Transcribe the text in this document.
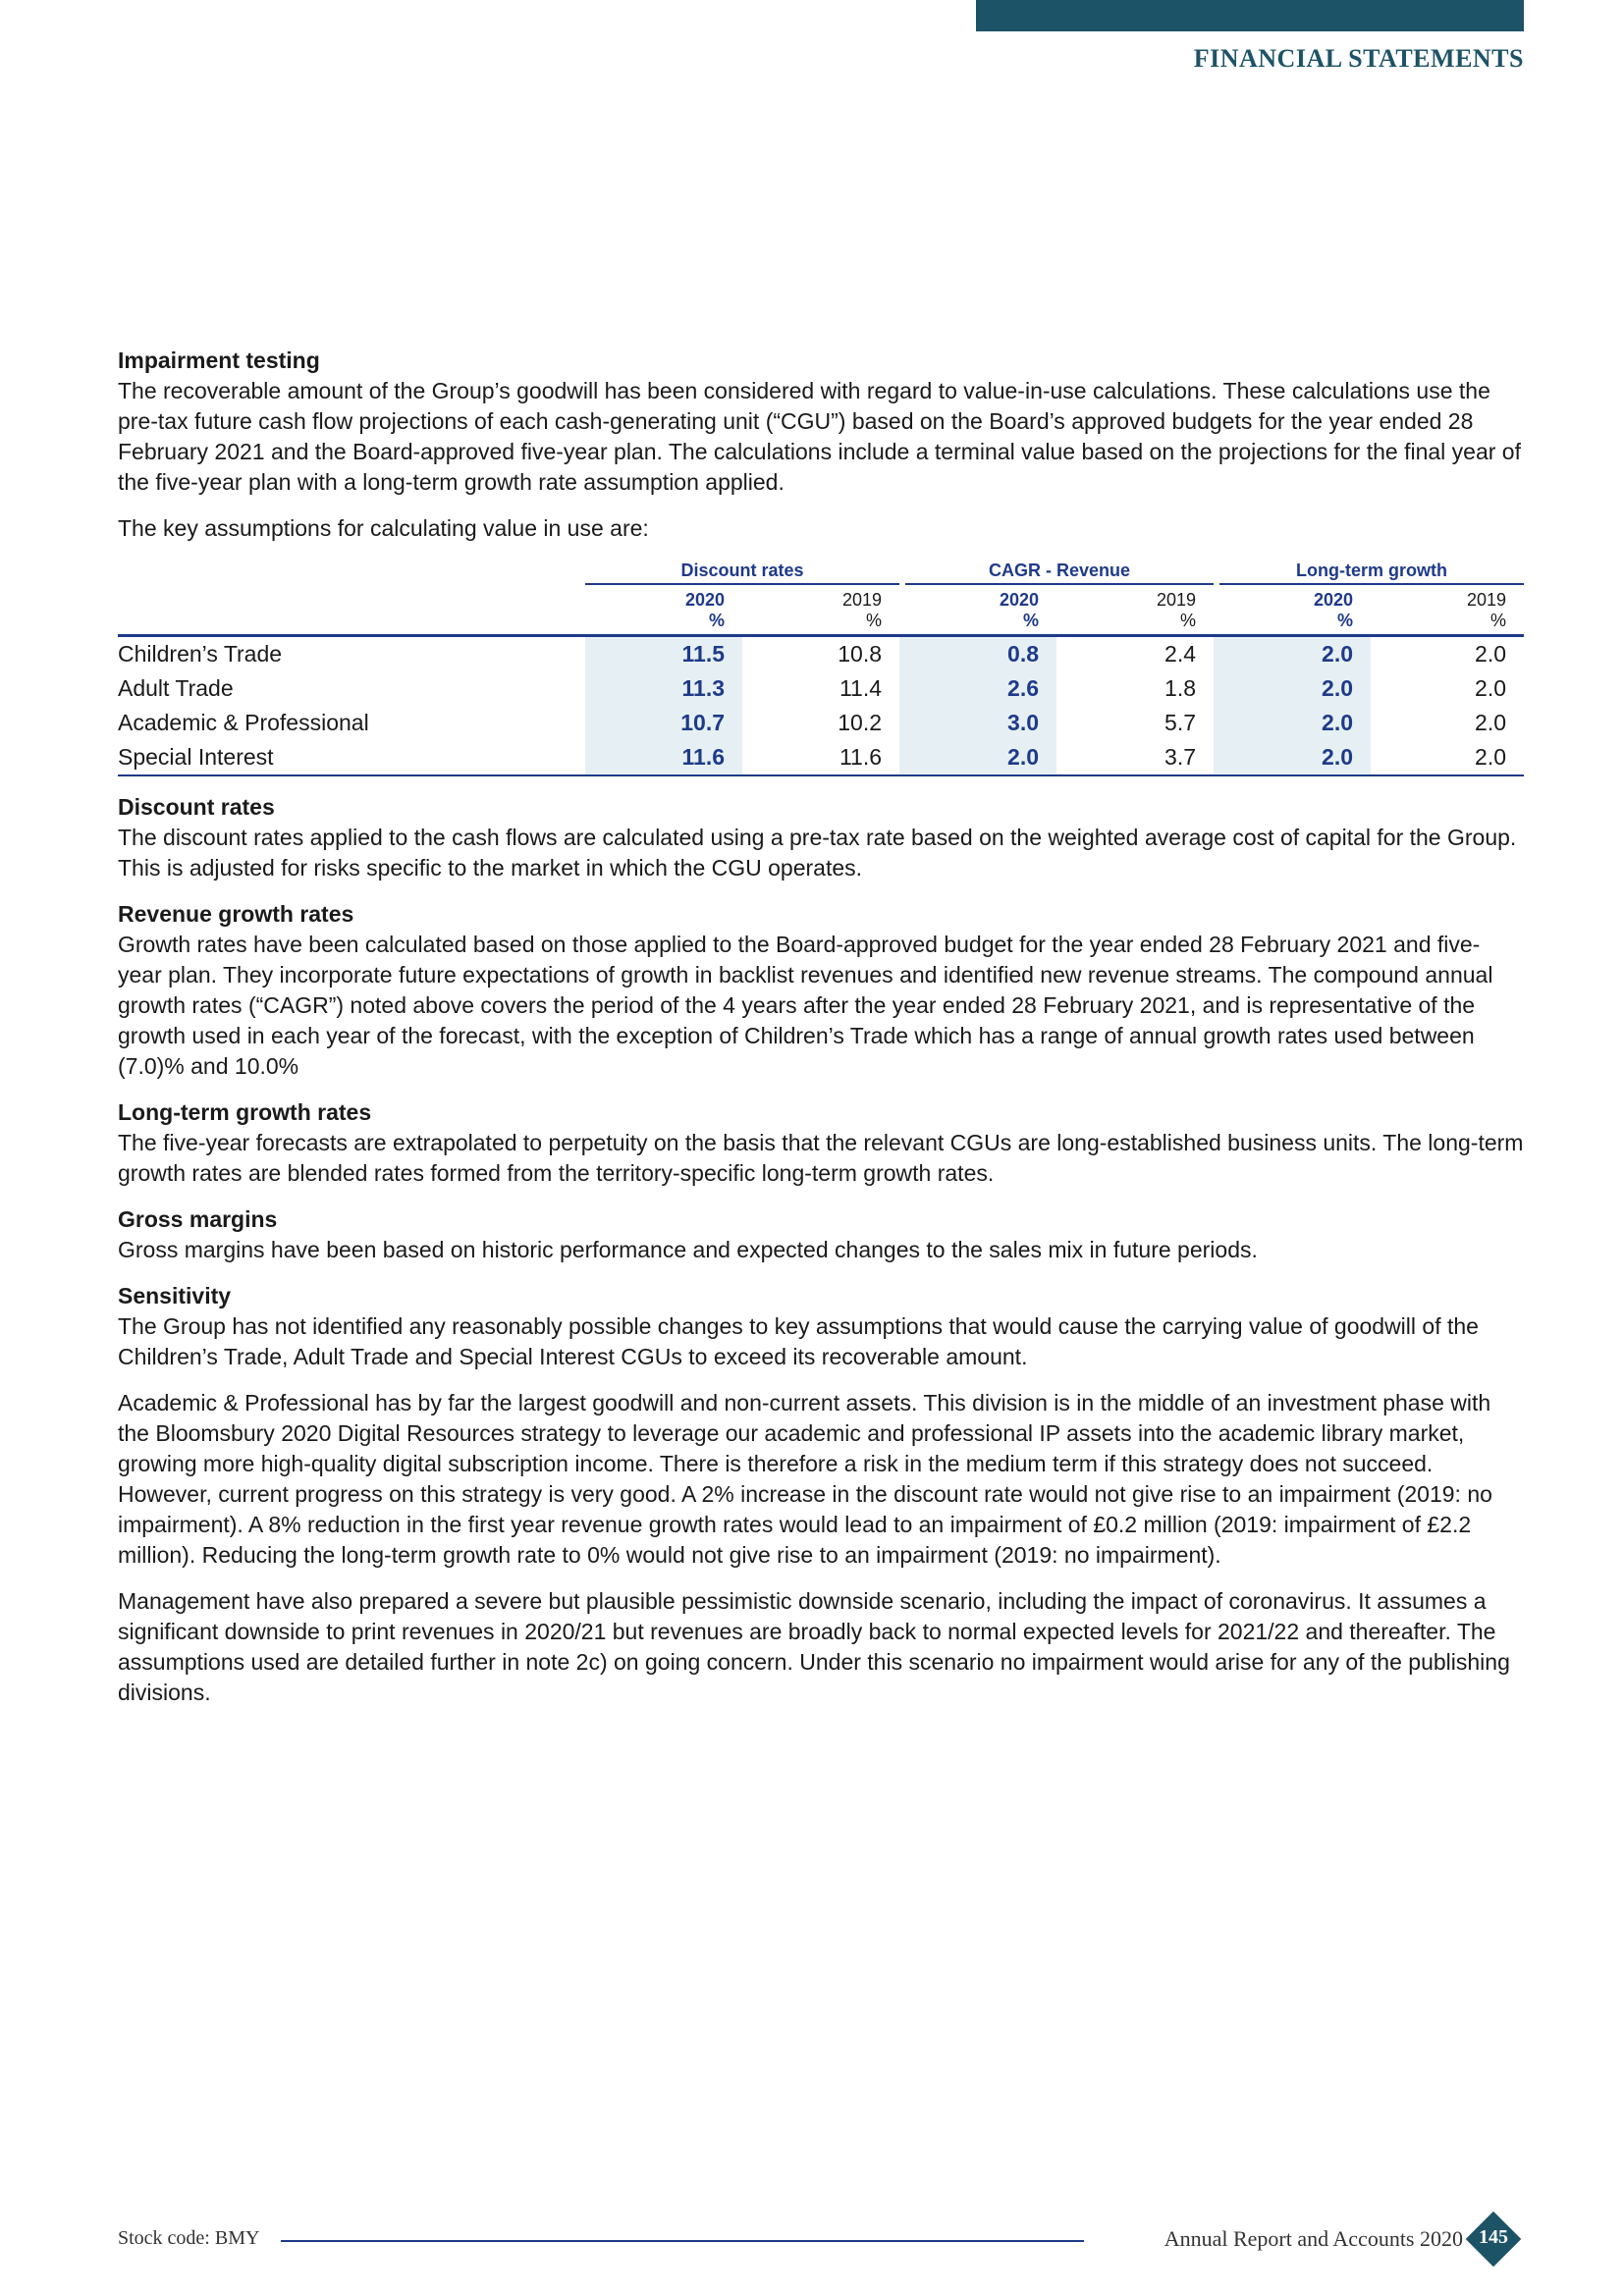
FINANCIAL STATEMENTS
Impairment testing

The recoverable amount of the Group’s goodwill has been considered with regard to value-in-use calculations. These calculations use the pre-tax future cash flow projections of each cash-generating unit (“CGU”) based on the Board’s approved budgets for the year ended 28 February 2021 and the Board-approved five-year plan. The calculations include a terminal value based on the projections for the final year of the five-year plan with a long-term growth rate assumption applied.

The key assumptions for calculating value in use are:

	Discount rates		CAGR - Revenue		Long-term growth	

	2020	2019	2020	2019	2020	2019
	%	%	%	%	%	%
Children’s Trade	11.5	10.8	0.8	2.4	2.0	2.0
Adult Trade	11.3	11.4	2.6	1.8	2.0	2.0
Academic & Professional	10.7	10.2	3.0	5.7	2.0	2.0
Special Interest	11.6	11.6	2.0	3.7	2.0	2.0
Discount rates

The discount rates applied to the cash flows are calculated using a pre-tax rate based on the weighted average cost of capital for the Group. This is adjusted for risks specific to the market in which the CGU operates.

Revenue growth rates

Growth rates have been calculated based on those applied to the Board-approved budget for the year ended 28 February 2021 and five-year plan. They incorporate future expectations of growth in backlist revenues and identified new revenue streams. The compound annual growth rates (“CAGR”) noted above covers the period of the 4 years after the year ended 28 February 2021, and is representative of the growth used in each year of the forecast, with the exception of Children’s Trade which has a range of annual growth rates used between (7.0)% and 10.0%

Long-term growth rates

The five-year forecasts are extrapolated to perpetuity on the basis that the relevant CGUs are long-established business units. The long-term growth rates are blended rates formed from the territory-specific long-term growth rates.

Gross margins

Gross margins have been based on historic performance and expected changes to the sales mix in future periods.

Sensitivity

The Group has not identified any reasonably possible changes to key assumptions that would cause the carrying value of goodwill of the Children’s Trade, Adult Trade and Special Interest CGUs to exceed its recoverable amount.

Academic & Professional has by far the largest goodwill and non-current assets. This division is in the middle of an investment phase with the Bloomsbury 2020 Digital Resources strategy to leverage our academic and professional IP assets into the academic library market, growing more high-quality digital subscription income. There is therefore a risk in the medium term if this strategy does not succeed. However, current progress on this strategy is very good. A 2% increase in the discount rate would not give rise to an impairment (2019: no impairment). A 8% reduction in the first year revenue growth rates would lead to an impairment of £0.2 million (2019: impairment of £2.2 million). Reducing the long-term growth rate to 0% would not give rise to an impairment (2019: no impairment).

Management have also prepared a severe but plausible pessimistic downside scenario, including the impact of coronavirus. It assumes a significant downside to print revenues in 2020/21 but revenues are broadly back to normal expected levels for 2021/22 and thereafter. The assumptions used are detailed further in note 2c) on going concern. Under this scenario no impairment would arise for any of the publishing divisions.

Stock code: BMY	Annual Report and Accounts 2020 145
